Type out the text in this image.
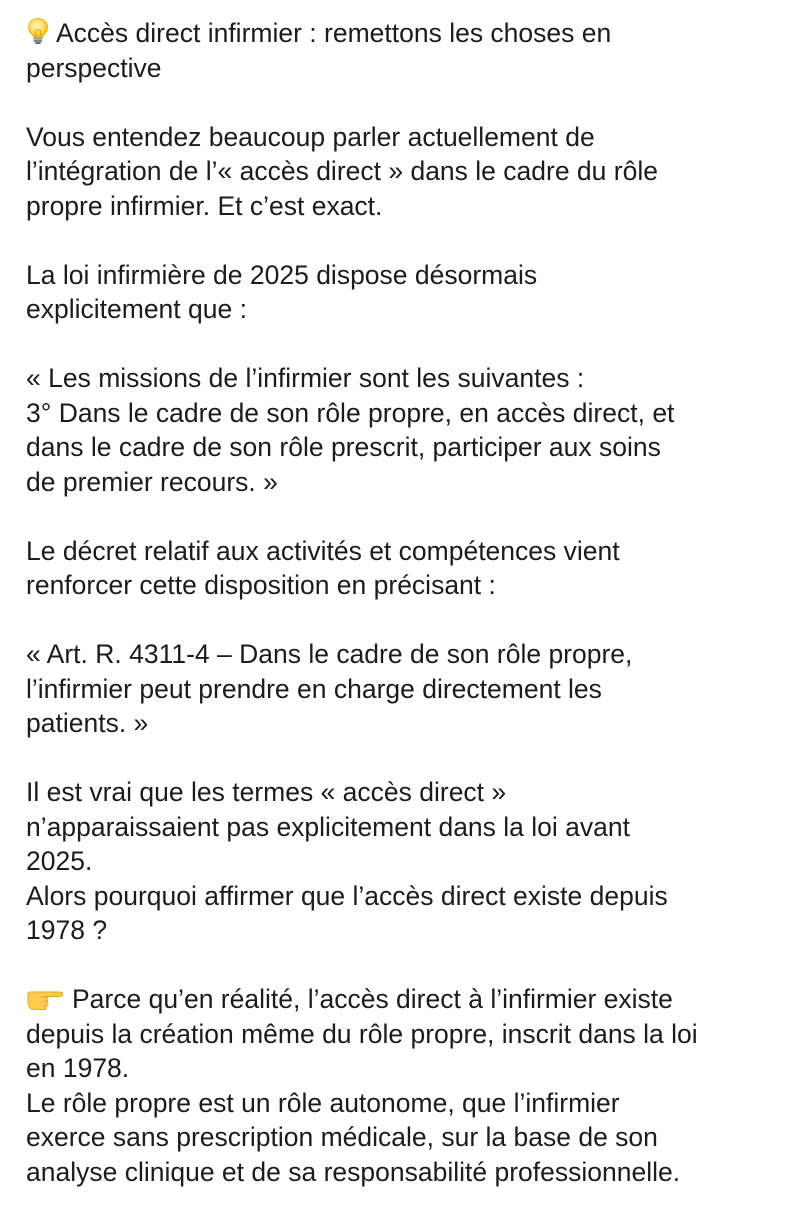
Accès direct infirmier : remettons les choses en
perspective
Vous entendez beaucoup parler actuellement de
l’intégration de l’« accès direct » dans le cadre du rôle
propre infirmier. Et c’est exact.
La loi infirmière de 2025 dispose désormais
explicitement que :
« Les missions de l’infirmier sont les suivantes :
3° Dans le cadre de son rôle propre, en accès direct, et
dans le cadre de son rôle prescrit, participer aux soins
de premier recours. »
Le décret relatif aux activités et compétences vient
renforcer cette disposition en précisant :
« Art. R. 4311-4 – Dans le cadre de son rôle propre,
l’infirmier peut prendre en charge directement les
patients. »
Il est vrai que les termes « accès direct »
n’apparaissaient pas explicitement dans la loi avant
2025.
Alors pourquoi affirmer que l’accès direct existe depuis
1978 ?
Parce qu’en réalité, l’accès direct à l’infirmier existe
depuis la création même du rôle propre, inscrit dans la loi
en 1978.
Le rôle propre est un rôle autonome, que l’infirmier
exerce sans prescription médicale, sur la base de son
analyse clinique et de sa responsabilité professionnelle.
